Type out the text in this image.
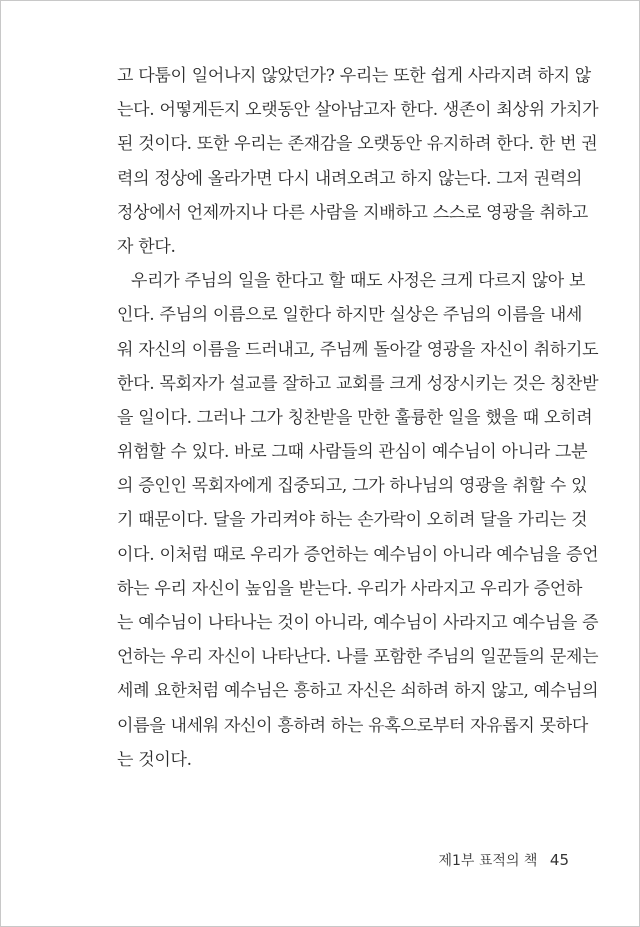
고 다툼이 일어나지 않았던가? 우리는 또한 쉽게 사라지려 하지 않
는다. 어떻게든지 오랫동안 살아남고자 한다. 생존이 최상위 가치가
된 것이다. 또한 우리는 존재감을 오랫동안 유지하려 한다. 한 번 권
력의 정상에 올라가면 다시 내려오려고 하지 않는다. 그저 권력의
정상에서 언제까지나 다른 사람을 지배하고 스스로 영광을 취하고
자 한다.
우리가 주님의 일을 한다고 할 때도 사정은 크게 다르지 않아 보
인다. 주님의 이름으로 일한다 하지만 실상은 주님의 이름을 내세
워 자신의 이름을 드러내고, 주님께 돌아갈 영광을 자신이 취하기도
한다. 목회자가 설교를 잘하고 교회를 크게 성장시키는 것은 칭찬받
을 일이다. 그러나 그가 칭찬받을 만한 훌륭한 일을 했을 때 오히려
위험할 수 있다. 바로 그때 사람들의 관심이 예수님이 아니라 그분
의 증인인 목회자에게 집중되고, 그가 하나님의 영광을 취할 수 있
기 때문이다. 달을 가리켜야 하는 손가락이 오히려 달을 가리는 것
이다. 이처럼 때로 우리가 증언하는 예수님이 아니라 예수님을 증언
하는 우리 자신이 높임을 받는다. 우리가 사라지고 우리가 증언하
는 예수님이 나타나는 것이 아니라, 예수님이 사라지고 예수님을 증
언하는 우리 자신이 나타난다. 나를 포함한 주님의 일꾼들의 문제는
세례 요한처럼 예수님은 흥하고 자신은 쇠하려 하지 않고, 예수님의
이름을 내세워 자신이 흥하려 하는 유혹으로부터 자유롭지 못하다
는 것이다.
제1부 표적의 책 45
